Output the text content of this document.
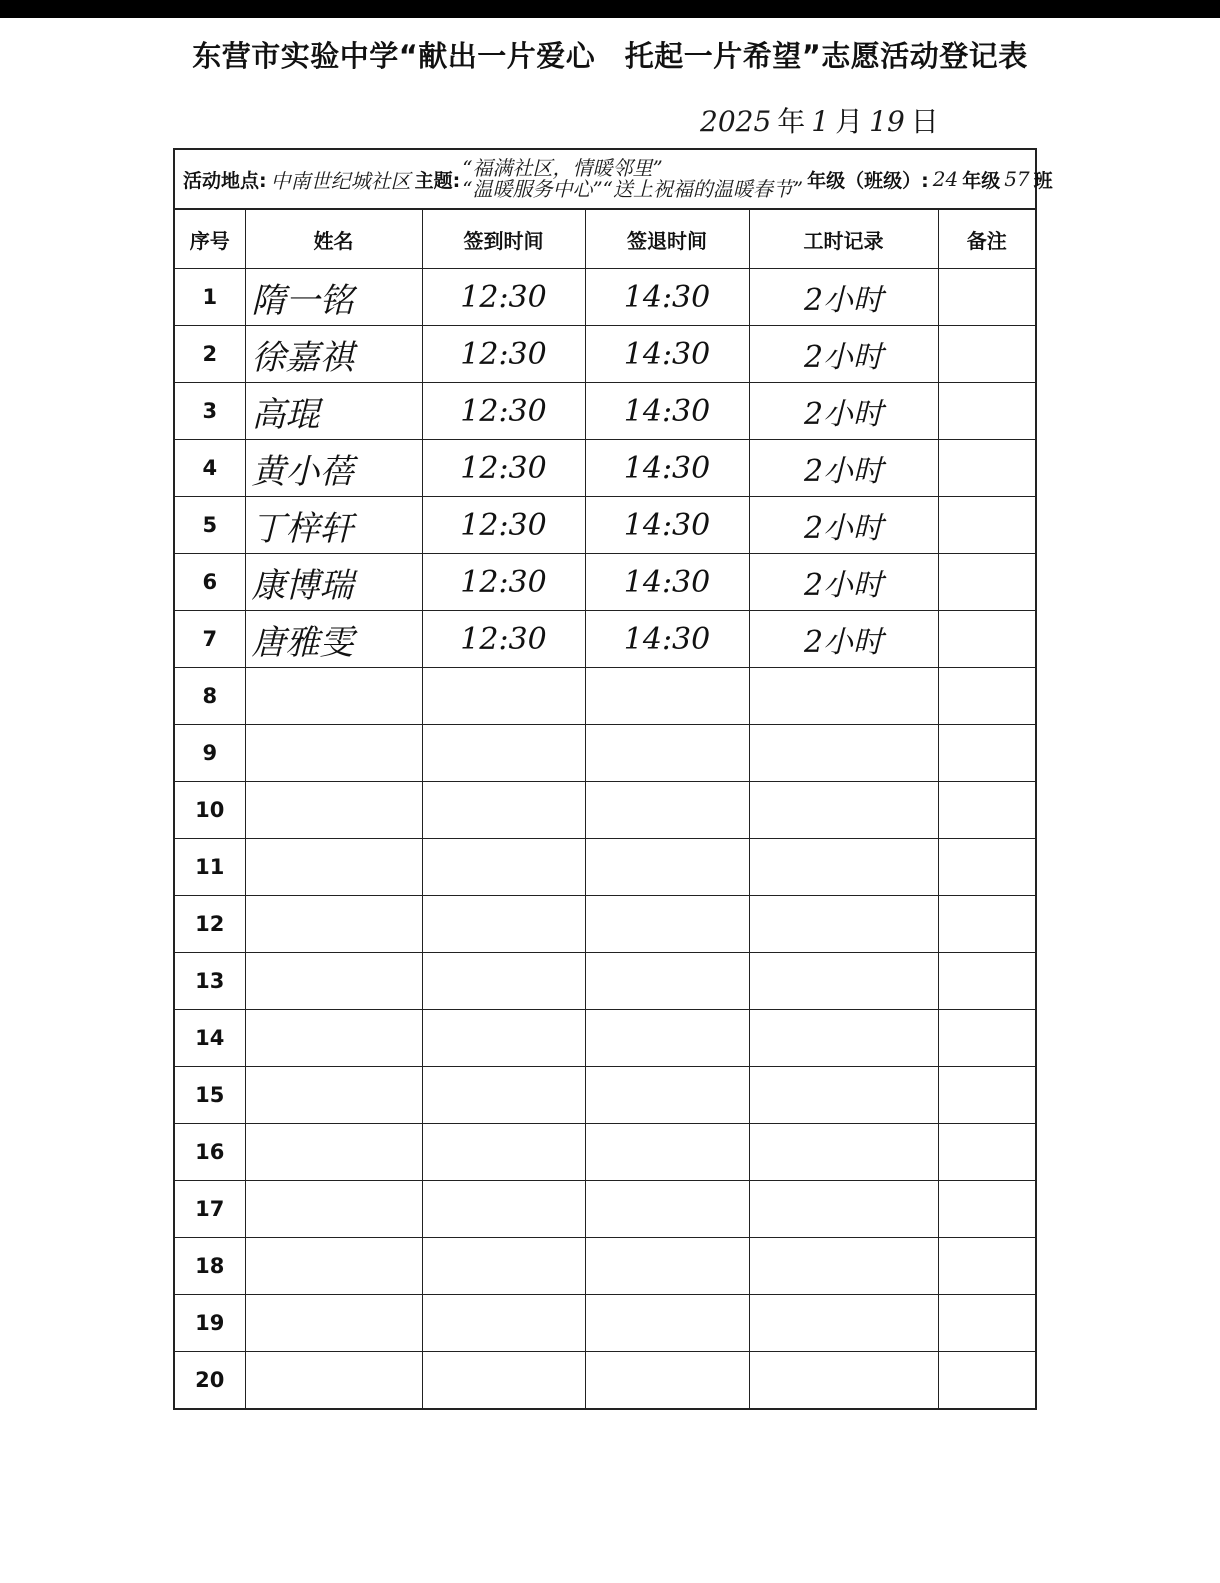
东营市实验中学“献出一片爱心　托起一片希望”志愿活动登记表
2025 年 1 月 19 日
活动地点: 中南世纪城社区 主题:
“福满社区，情暖邻里”
“温暖服务中心”“送上祝福的温暖春节” 年级（班级）: 24 年级 57 班
序号	姓名	签到时间	签退时间	工时记录	备注
1	隋一铭	12:30	14:30	2小时	
2	徐嘉祺	12:30	14:30	2小时	
3	高琨	12:30	14:30	2小时	
4	黄小蓓	12:30	14:30	2小时	
5	丁梓轩	12:30	14:30	2小时	
6	康博瑞	12:30	14:30	2小时	
7	唐雅雯	12:30	14:30	2小时	
8					
9					
10					
11					
12					
13					
14					
15					
16					
17					
18					
19					
20					
